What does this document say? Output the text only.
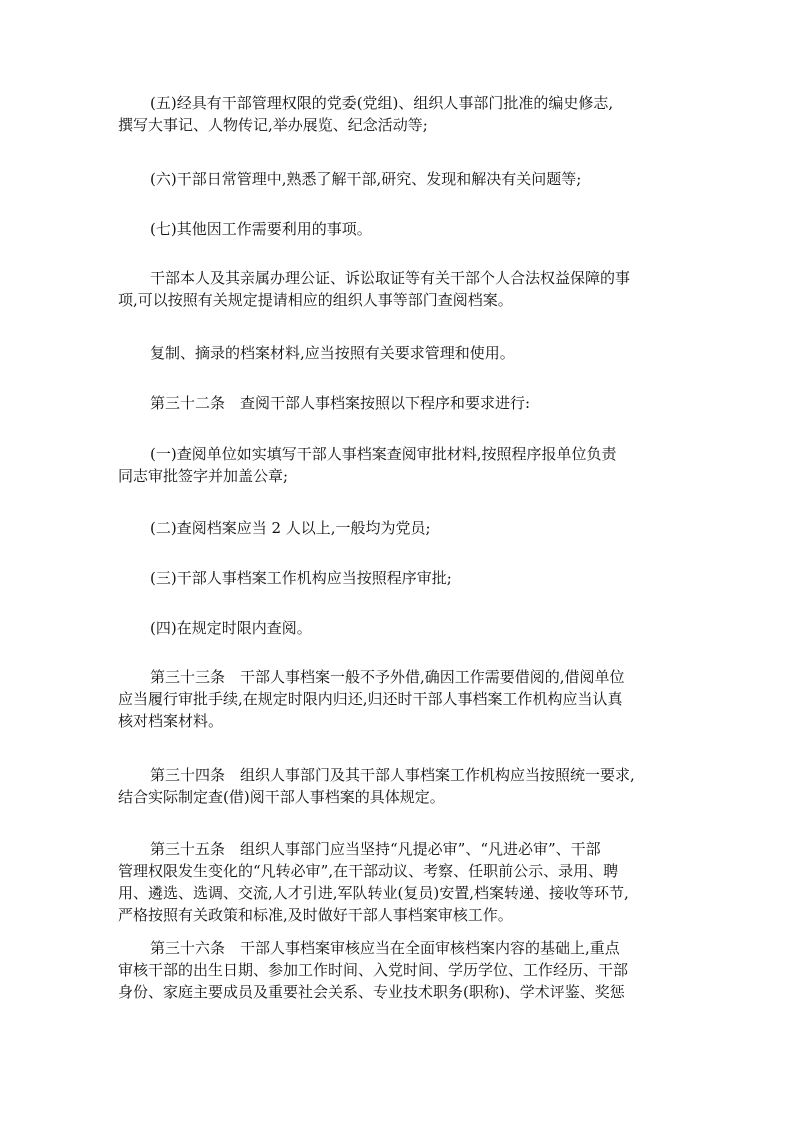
(五)经具有干部管理权限的党委(党组)、组织人事部门批准的编史修志,
撰写大事记、人物传记,举办展览、纪念活动等;

(六)干部日常管理中,熟悉了解干部,研究、发现和解决有关问题等;

(七)其他因工作需要利用的事项。

干部本人及其亲属办理公证、诉讼取证等有关干部个人合法权益保障的事
项,可以按照有关规定提请相应的组织人事等部门查阅档案。

复制、摘录的档案材料,应当按照有关要求管理和使用。

第三十二条　查阅干部人事档案按照以下程序和要求进行:

(一)查阅单位如实填写干部人事档案查阅审批材料,按照程序报单位负责
同志审批签字并加盖公章;

(二)查阅档案应当 2 人以上,一般均为党员;

(三)干部人事档案工作机构应当按照程序审批;

(四)在规定时限内查阅。

第三十三条　干部人事档案一般不予外借,确因工作需要借阅的,借阅单位
应当履行审批手续,在规定时限内归还,归还时干部人事档案工作机构应当认真
核对档案材料。

第三十四条　组织人事部门及其干部人事档案工作机构应当按照统一要求,
结合实际制定查(借)阅干部人事档案的具体规定。

第三十五条　组织人事部门应当坚持“凡提必审”、“凡进必审”、干部
管理权限发生变化的“凡转必审”,在干部动议、考察、任职前公示、录用、聘
用、遴选、选调、交流,人才引进,军队转业(复员)安置,档案转递、接收等环节,
严格按照有关政策和标准,及时做好干部人事档案审核工作。

第三十六条　干部人事档案审核应当在全面审核档案内容的基础上,重点
审核干部的出生日期、参加工作时间、入党时间、学历学位、工作经历、干部
身份、家庭主要成员及重要社会关系、专业技术职务(职称)、学术评鉴、奖惩
